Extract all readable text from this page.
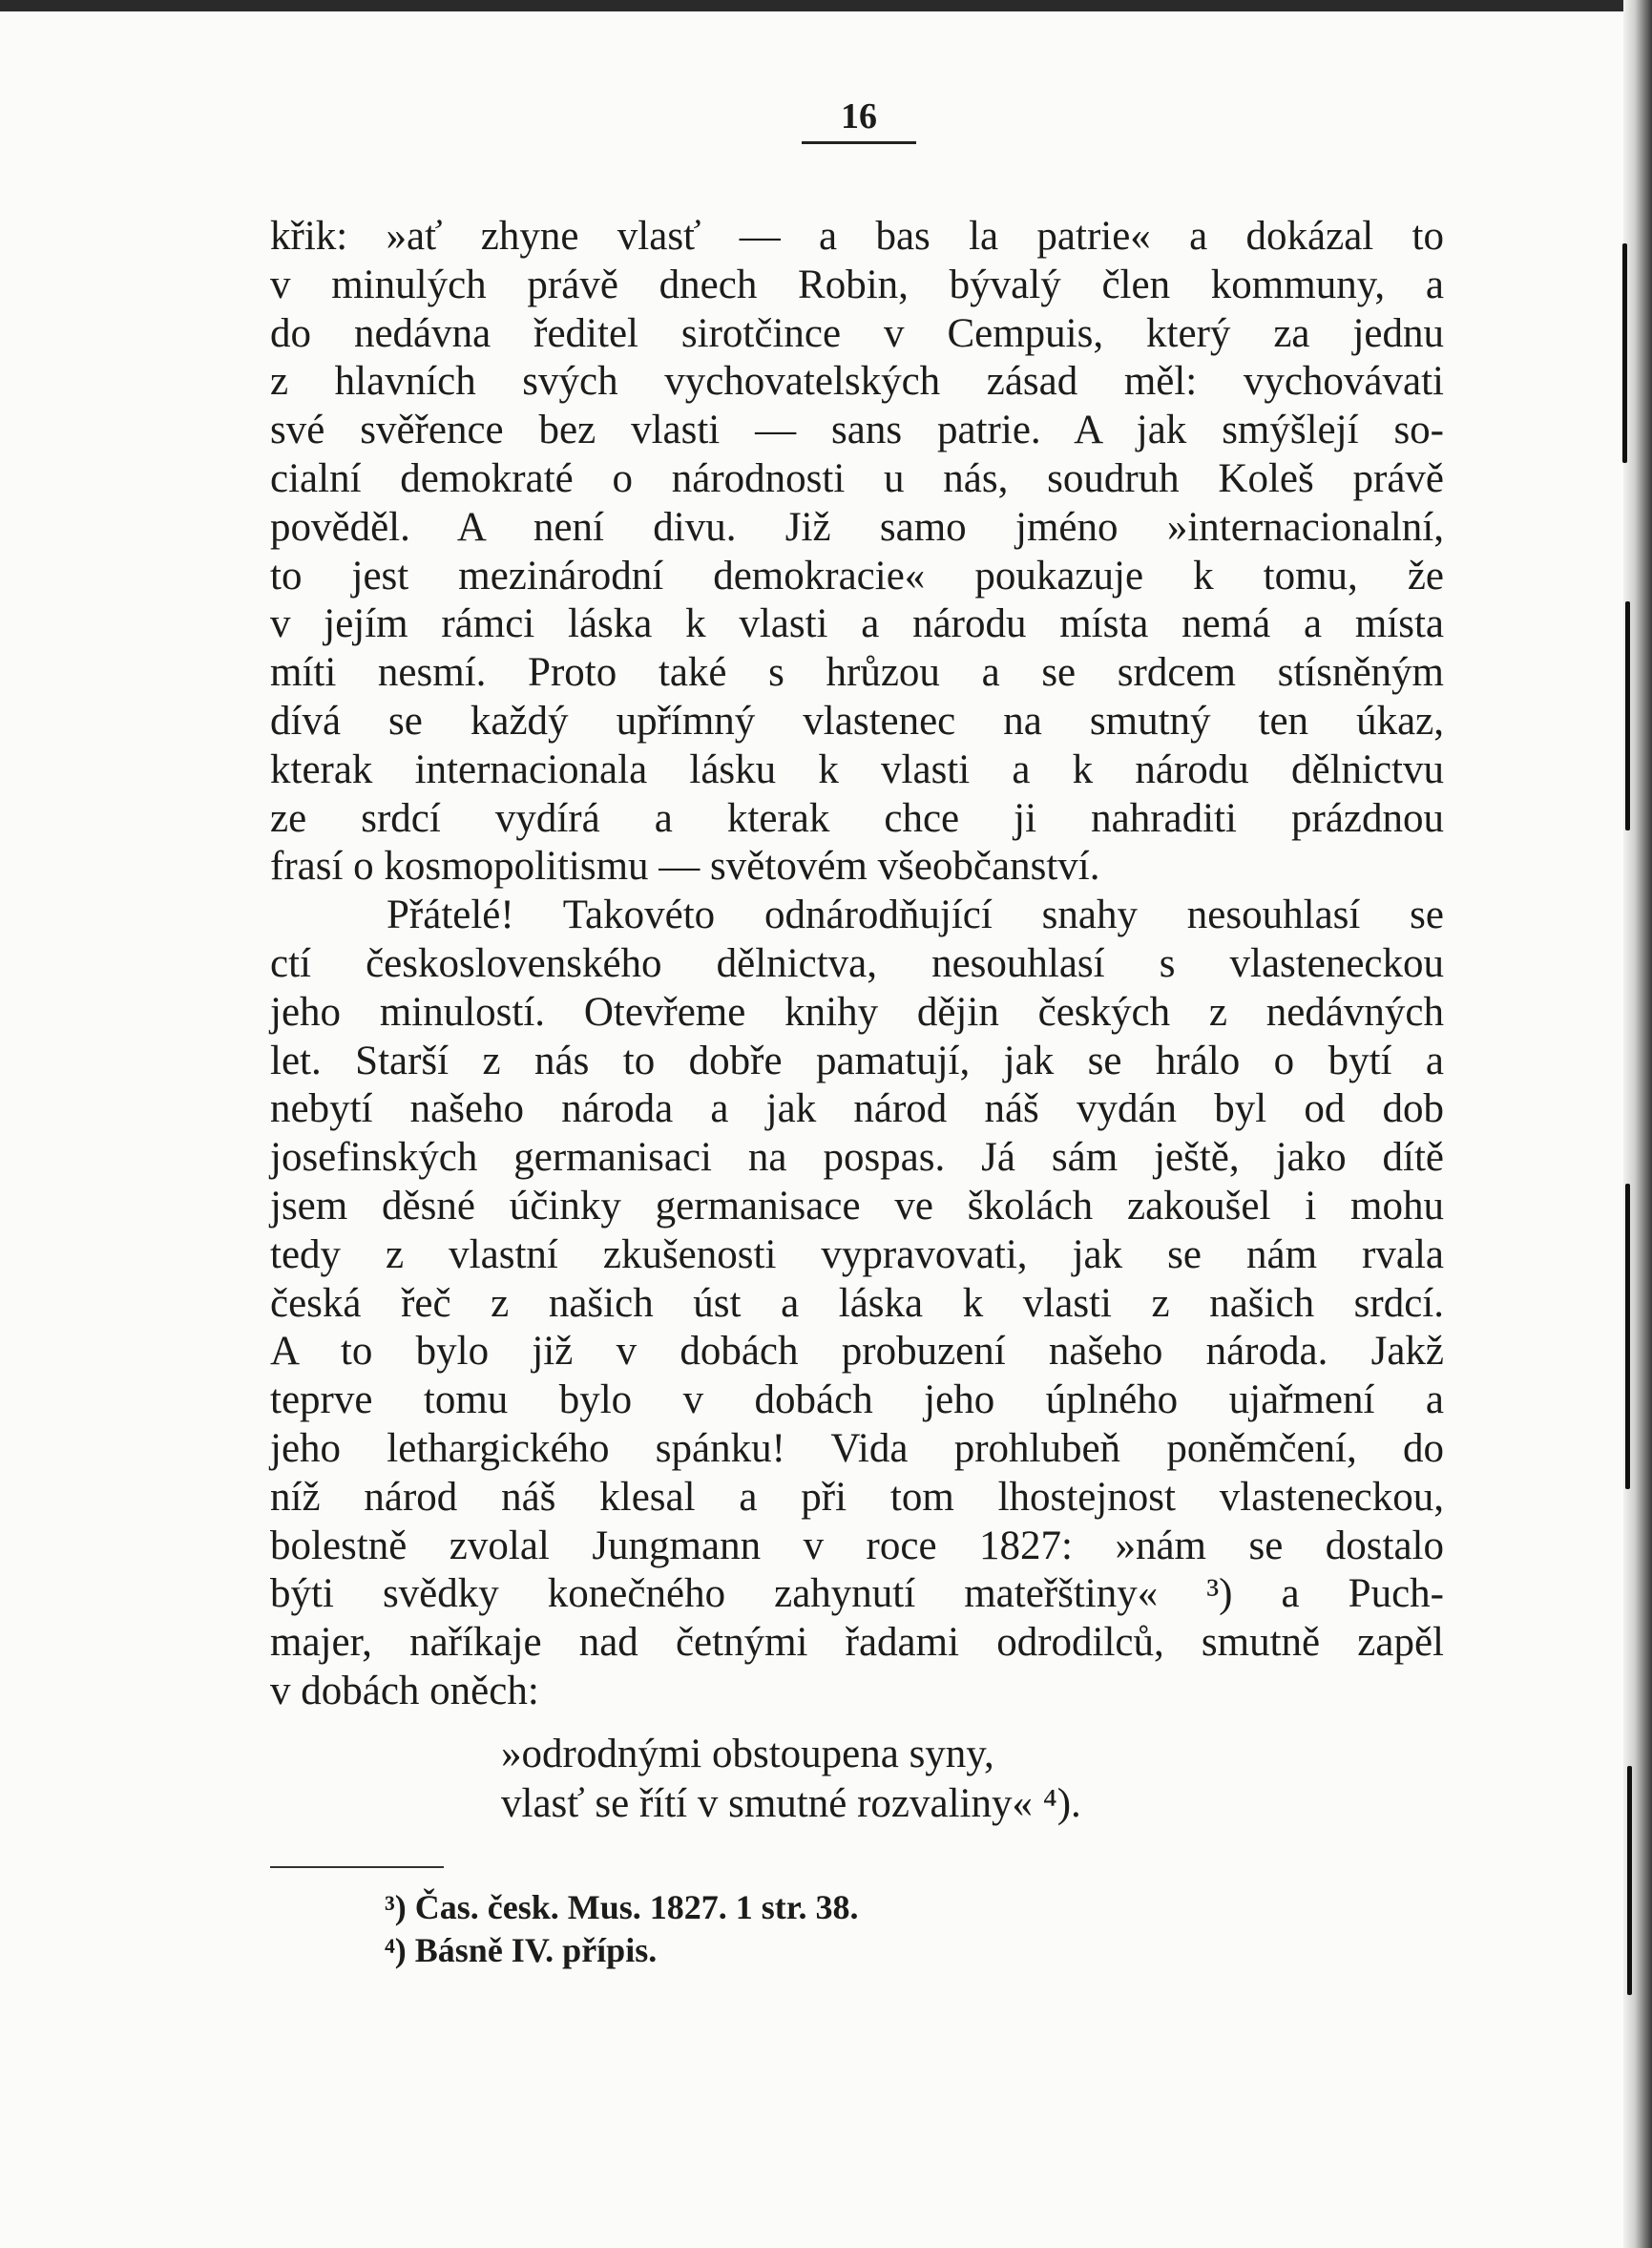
16
křik: »ať zhyne vlasť — a bas la patrie« a dokázal to
v minulých právě dnech Robin, bývalý člen kommuny, a
do nedávna ředitel sirotčince v Cempuis, který za jednu
z hlavních svých vychovatelských zásad měl: vychovávati
své svěřence bez vlasti — sans patrie. A jak smýšlejí so-
cialní demokraté o národnosti u nás, soudruh Koleš právě
pověděl. A není divu. Již samo jméno »internacionalní,
to jest mezinárodní demokracie« poukazuje k tomu, že
v jejím rámci láska k vlasti a národu místa nemá a místa
míti nesmí. Proto také s hrůzou a se srdcem stísněným
dívá se každý upřímný vlastenec na smutný ten úkaz,
kterak internacionala lásku k vlasti a k národu dělnictvu
ze srdcí vydírá a kterak chce ji nahraditi prázdnou
frasí o kosmopolitismu — světovém všeobčanství.
Přátelé! Takovéto odnárodňující snahy nesouhlasí se
ctí československého dělnictva, nesouhlasí s vlasteneckou
jeho minulostí. Otevřeme knihy dějin českých z nedávných
let. Starší z nás to dobře pamatují, jak se hrálo o bytí a
nebytí našeho národa a jak národ náš vydán byl od dob
josefinských germanisaci na pospas. Já sám ještě, jako dítě
jsem děsné účinky germanisace ve školách zakoušel i mohu
tedy z vlastní zkušenosti vypravovati, jak se nám rvala
česká řeč z našich úst a láska k vlasti z našich srdcí.
A to bylo již v dobách probuzení našeho národa. Jakž
teprve tomu bylo v dobách jeho úplného ujařmení a
jeho lethargického spánku! Vida prohlubeň poněmčení, do
níž národ náš klesal a při tom lhostejnost vlasteneckou,
bolestně zvolal Jungmann v roce 1827: »nám se dostalo
býti svědky konečného zahynutí mateřštiny« ³) a Puch-
majer, naříkaje nad četnými řadami odrodilců, smutně zapěl
v dobách oněch:
»odrodnými obstoupena syny,
vlasť se řítí v smutné rozvaliny« ⁴).
³) Čas. česk. Mus. 1827. 1 str. 38.
⁴) Básně IV. přípis.
